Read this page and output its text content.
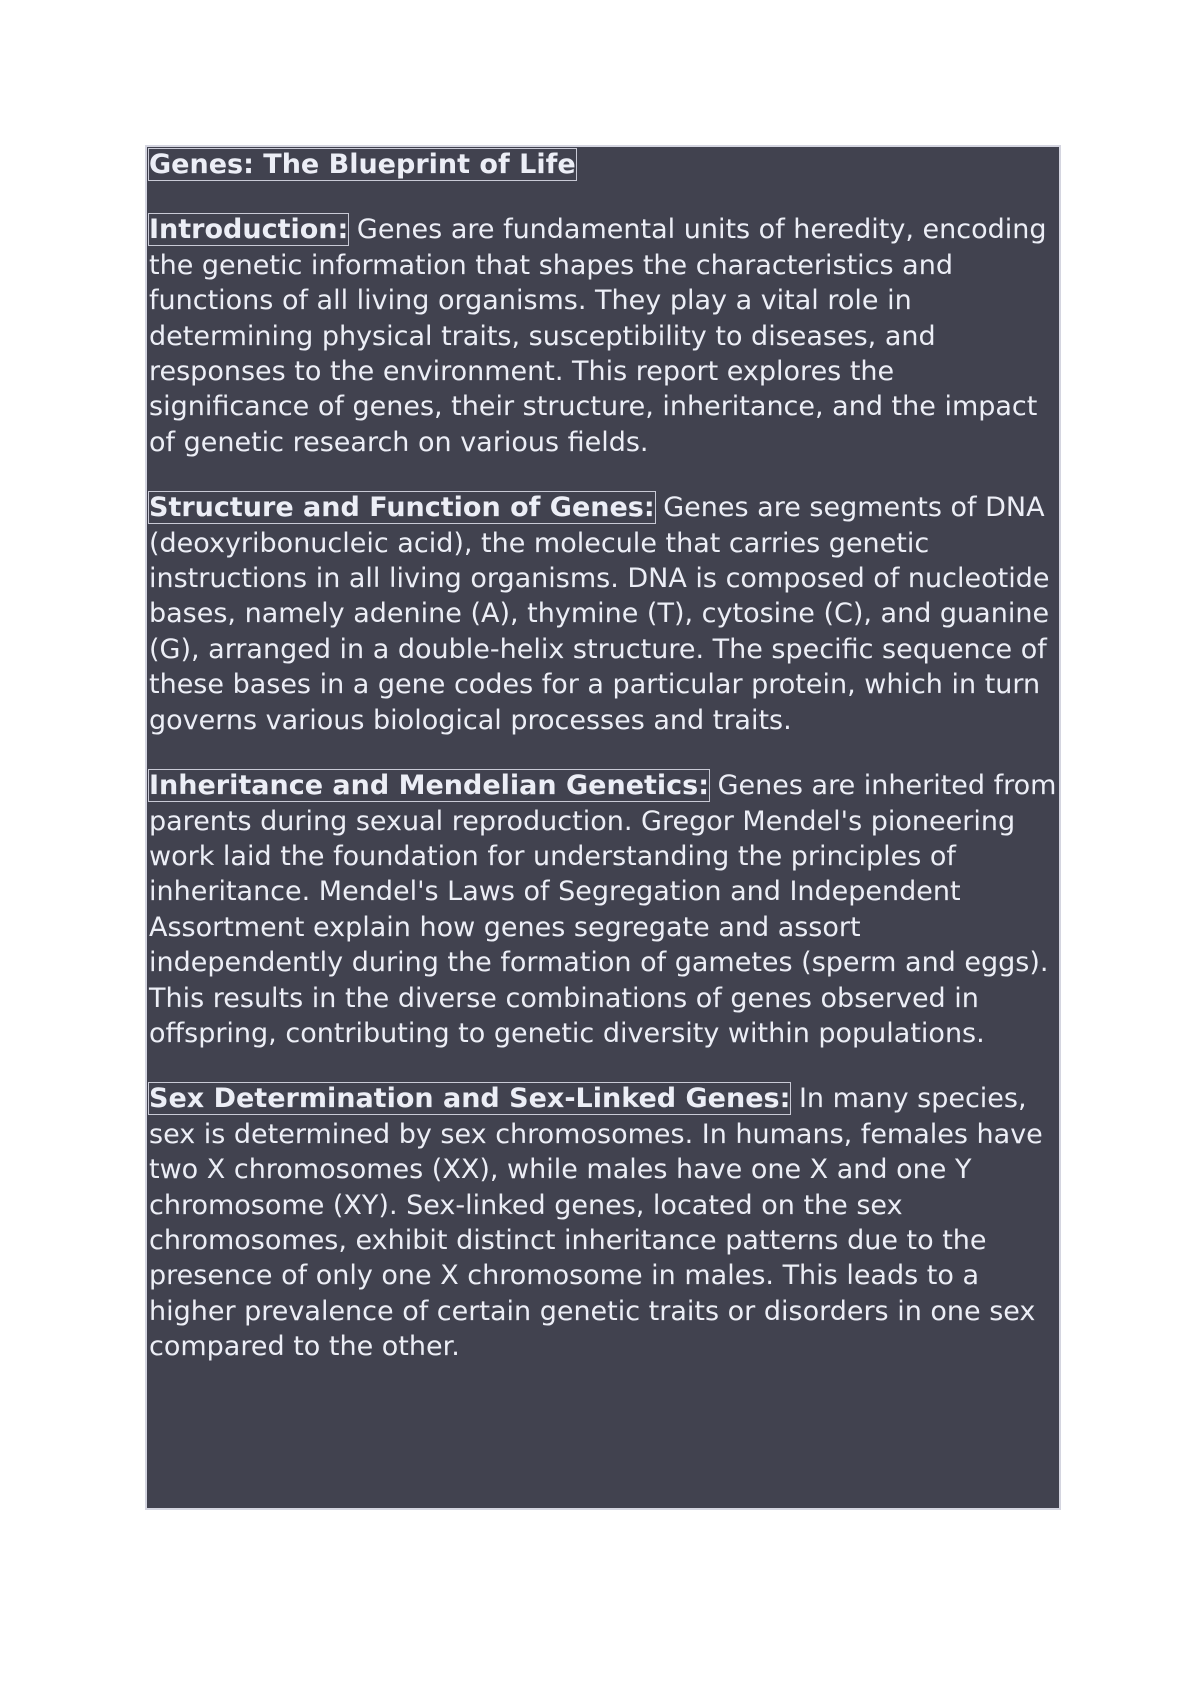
Genes: The Blueprint of Life
Introduction: Genes are fundamental units of heredity, encoding the genetic information that shapes the characteristics and functions of all living organisms. They play a vital role in determining physical traits, susceptibility to diseases, and responses to the environment. This report explores the significance of genes, their structure, inheritance, and the impact of genetic research on various fields.
Structure and Function of Genes: Genes are segments of DNA (deoxyribonucleic acid), the molecule that carries genetic instructions in all living organisms. DNA is composed of nucleotide bases, namely adenine (A), thymine (T), cytosine (C), and guanine (G), arranged in a double-helix structure. The specific sequence of these bases in a gene codes for a particular protein, which in turn governs various biological processes and traits.
Inheritance and Mendelian Genetics: Genes are inherited from parents during sexual reproduction. Gregor Mendel's pioneering work laid the foundation for understanding the principles of inheritance. Mendel's Laws of Segregation and Independent Assortment explain how genes segregate and assort independently during the formation of gametes (sperm and eggs). This results in the diverse combinations of genes observed in offspring, contributing to genetic diversity within populations.
Sex Determination and Sex-Linked Genes: In many species, sex is determined by sex chromosomes. In humans, females have two X chromosomes (XX), while males have one X and one Y chromosome (XY). Sex-linked genes, located on the sex chromosomes, exhibit distinct inheritance patterns due to the presence of only one X chromosome in males. This leads to a higher prevalence of certain genetic traits or disorders in one sex compared to the other.
